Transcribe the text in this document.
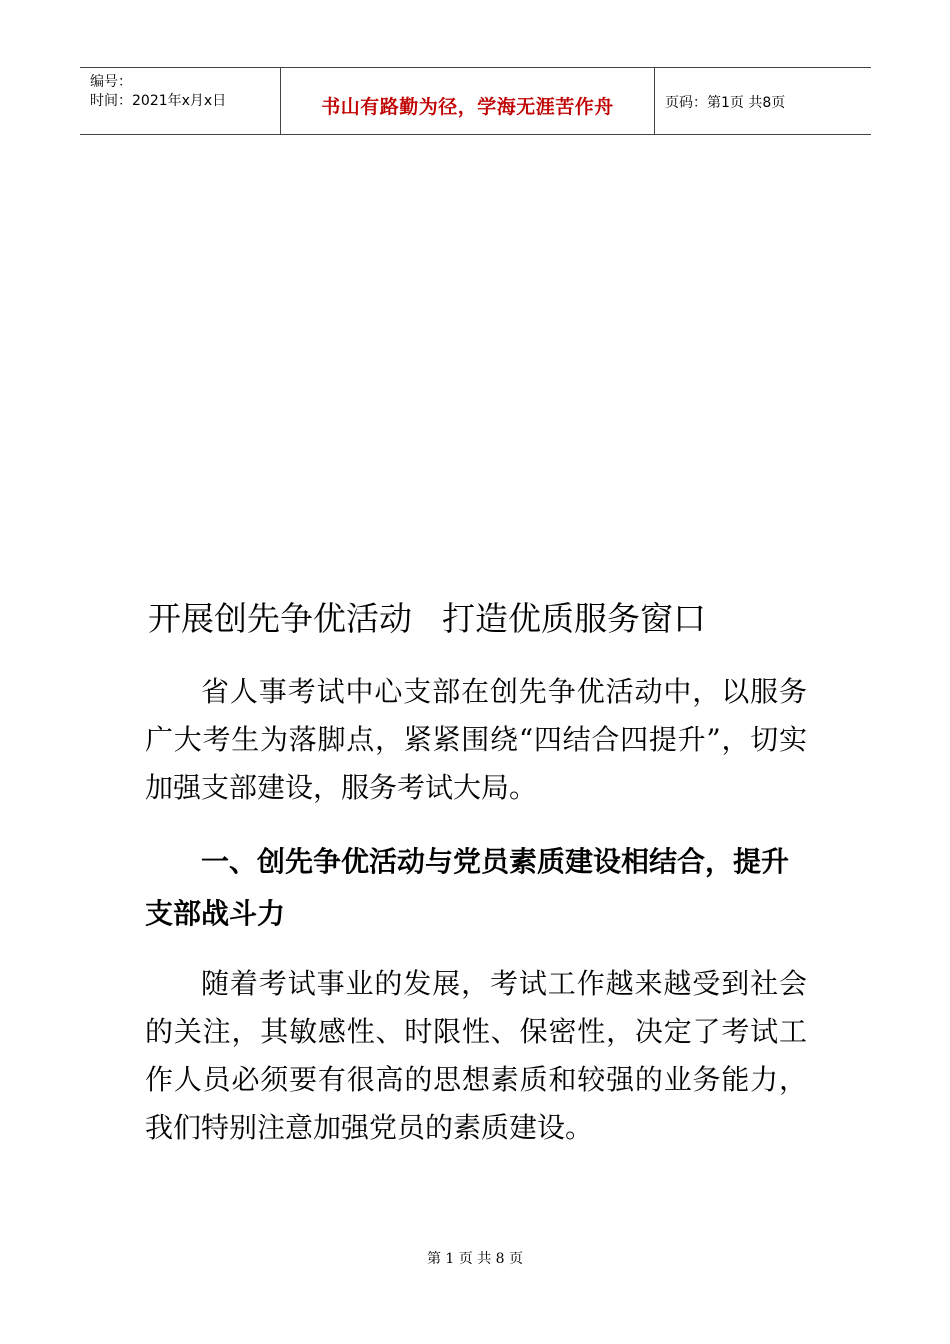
编号：
时间：2021年x月x日	书山有路勤为径，学海无涯苦作舟	页码：第1页 共8页
开展创先争优活动 打造优质服务窗口

省人事考试中心支部在创先争优活动中，以服务广大考生为落脚点，紧紧围绕“四结合四提升”，切实加强支部建设，服务考试大局。

一、创先争优活动与党员素质建设相结合，提升支部战斗力

随着考试事业的发展，考试工作越来越受到社会的关注，其敏感性、时限性、保密性，决定了考试工作人员必须要有很高的思想素质和较强的业务能力，我们特别注意加强党员的素质建设。

第 1 页 共 8 页
